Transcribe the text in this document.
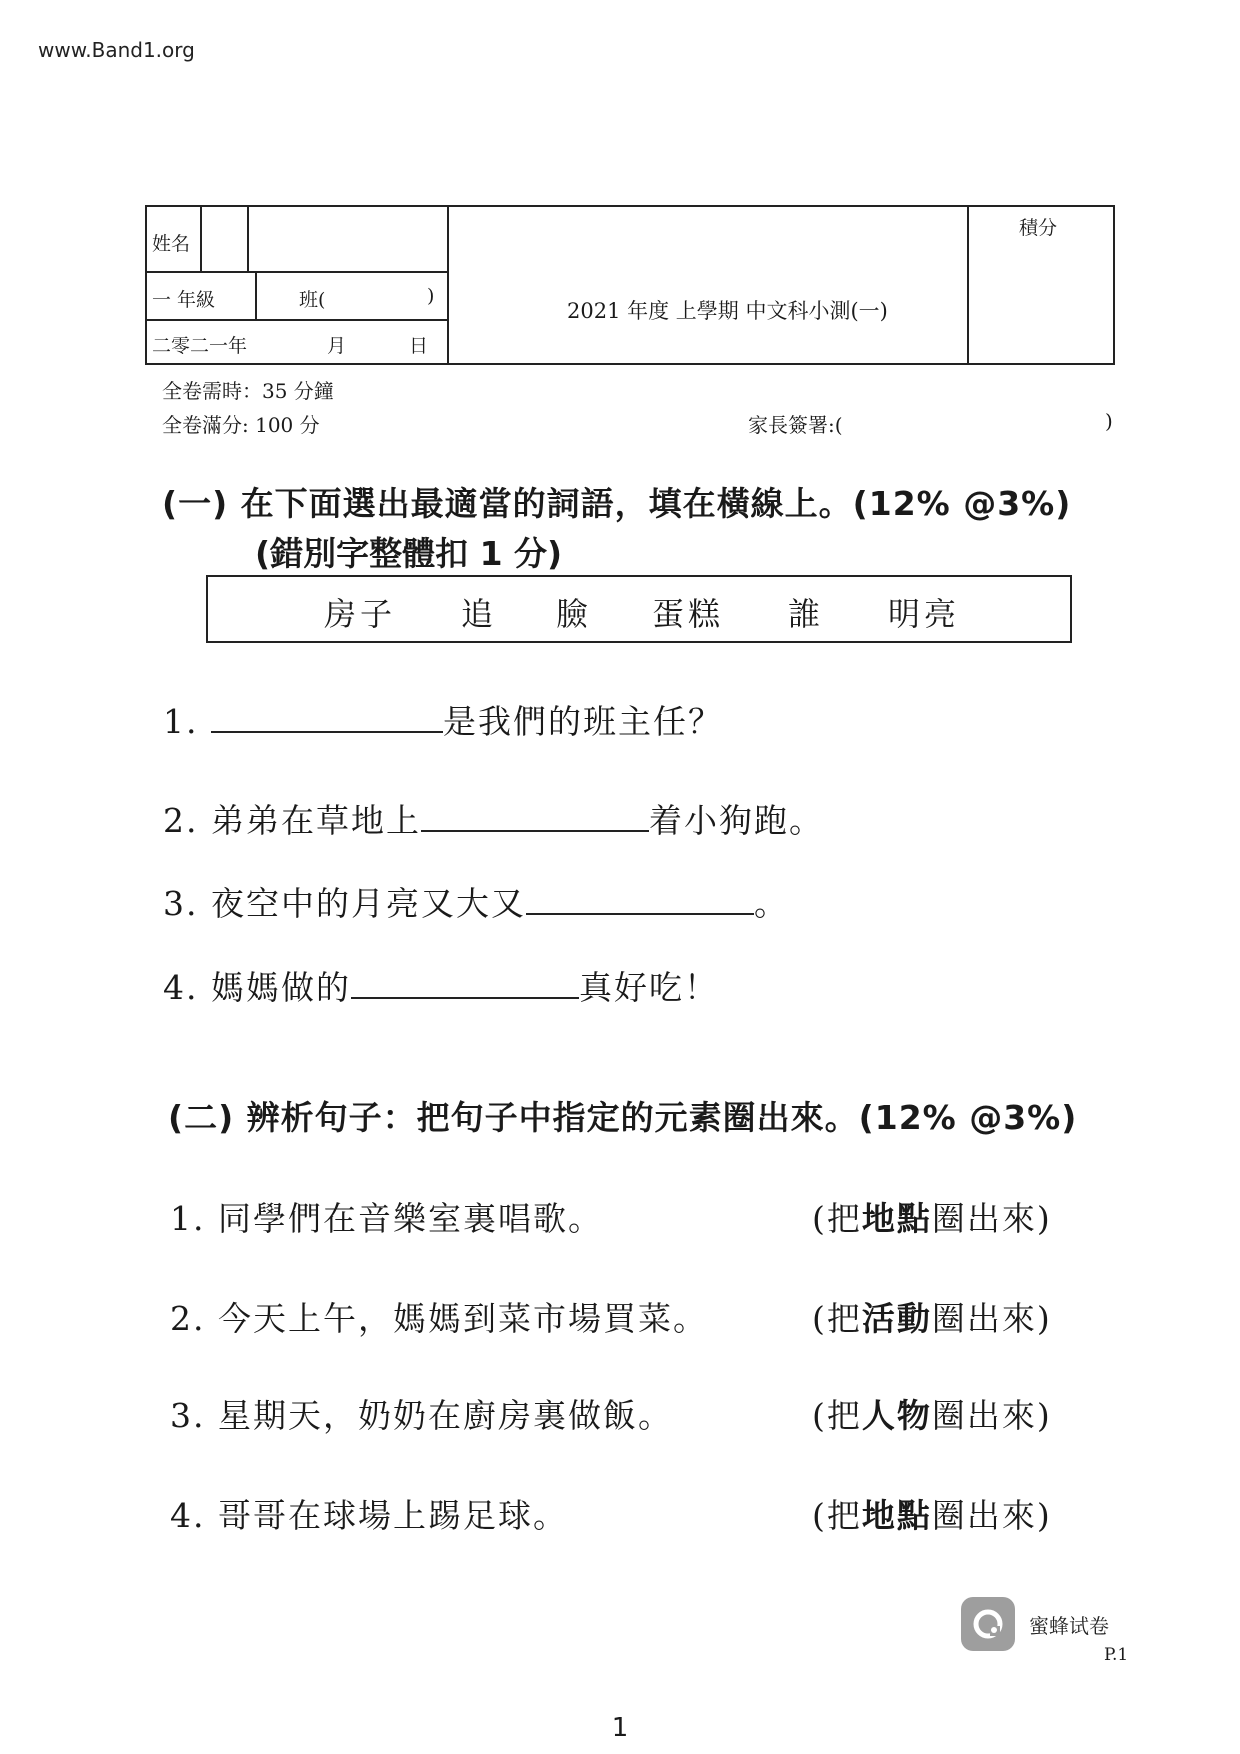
www.Band1.org
姓名
一 年級	班(	)
二零二一年	月	日
2021 年度 上學期 中文科小測(一)
積分
全卷需時：35 分鐘
全卷滿分: 100 分	家長簽署:(	)
(一) 在下面選出最適當的詞語，填在橫線上。(12% @3%)
(錯別字整體扣 1 分)
房子 追 臉 蛋糕 誰 明亮
1.	是我們的班主任？
2. 弟弟在草地上	着小狗跑。
3. 夜空中的月亮又大又	。
4. 媽媽做的	真好吃！
(二) 辨析句子：把句子中指定的元素圈出來。(12% @3%)
1. 同學們在音樂室裏唱歌。	(把地點圈出來)
2. 今天上午，媽媽到菜市場買菜。	(把活動圈出來)
3. 星期天，奶奶在廚房裏做飯。	(把人物圈出來)
4. 哥哥在球場上踢足球。	(把地點圈出來)
蜜蜂试卷
P.1
1
